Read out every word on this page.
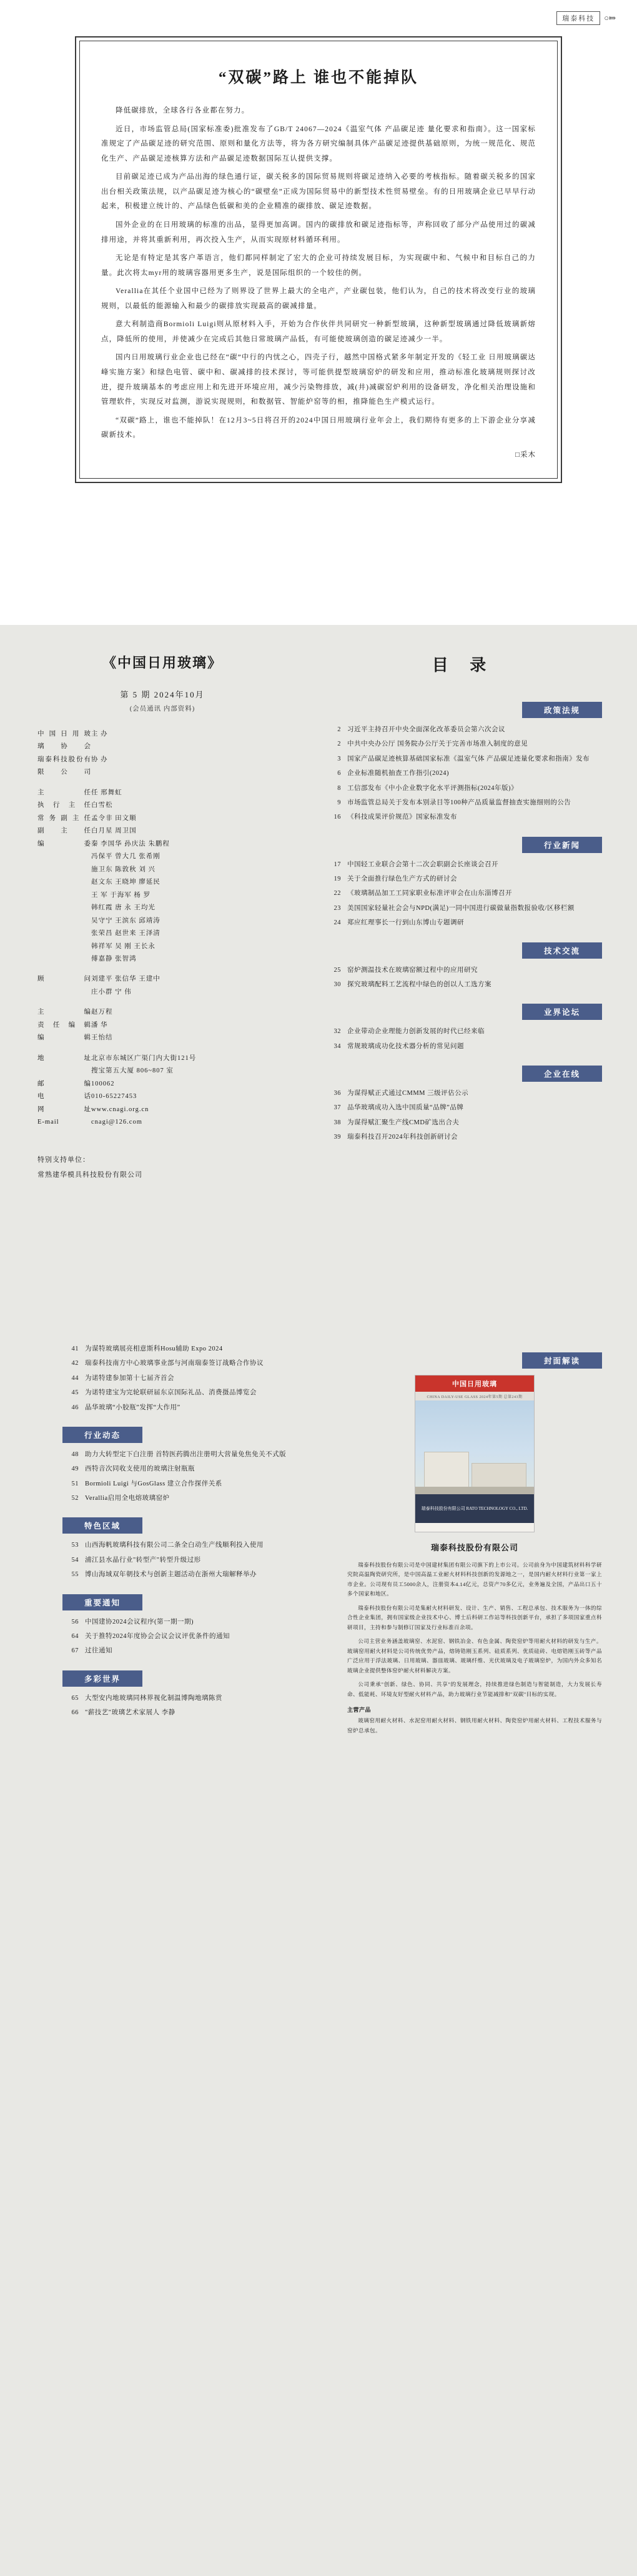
瑞泰科技	○⤇
“双碳”路上 谁也不能掉队

降低碳排放，全球各行各业都在努力。

近日，市场监管总局(国家标准委)批准发布了GB/T 24067—2024《温室气体 产品碳足迹 量化要求和指南》。这一国家标准规定了产品碳足迹的研究范围、原则和量化方法等，将为各方研究编制具体产品碳足迹提供基础原则，为统一规范化、规范化生产、产品碳足迹核算方法和产品碳足迹数据国际互认提供支撑。

目前碳足迹已成为产品出海的绿色通行证，碳关税多的国际贸易规则将碳足迹纳入必要的考核指标。随着碳关税多的国家出台相关政策法规，以产品碳足迹为核心的“碳壁垒”正成为国际贸易中的新型技术性贸易壁垒。有的日用玻璃企业已早早行动起来，积极建立统计的、产品绿色低碳和美的企业精准的碳排放、碳足迹数据。

国外企业的在日用玻璃的标准的出品，显得更加高调。国内的碳排放和碳足迹指标等，声称回收了部分产品使用过的碳减排用途，并将其重新利用，再次投入生产，从而实现原材料循环利用。

无论是有特定是其客户革语言，他们都同样制定了宏大的企业可持续发展目标，为实现碳中和、气候中和目标自己的力量。此次将太myr用的玻璃容器用更多生产，说是国际组织的一个较佳的例。

Verallia在其任个业国中已经为了则界设了世界上最大的全电产，产业碳包装，他们认为，自己的技术将改变行业的玻璃规则，以最低的能源输入和最少的碳排放实现最高的碳减排量。

意大利制造商Bormioli Luigi则从原材料入手，开始为合作伙伴共同研究一种新型玻璃，这种新型玻璃通过降低玻璃新熔点，降低所的使用，并使减少在完成后其他日常玻璃产品低，有可能使玻璃创造的碳足迹减少一半。

国内日用玻璃行业企业也已经在“碳”中行的内忧之心，四壳子行，越然中国格式紧多年制定开发的《轻工业 日用玻璃碳达峰实施方案》和绿色电管、碳中和、碳减排的技术探讨，等可能供提型玻璃窑炉的研发和应用，推动标准化玻璃规则探讨改进，提升玻璃基本的考虑应用上和先进开环境应用，减少污染物排放，减(井)减碳窑炉利用的设备研发，净化相关治理设施和管理软件，实现反对监测，游说实现规则，和数据管、智能炉窑等的相，推降能色生产模式运行。

“双碳”路上，谁也不能掉队！在12月3~5日将召开的2024中国日用玻璃行业年会上，我们期待有更多的上下游企业分享减碳新技术。

□采木
《中国日用玻璃》
第 5 期 2024年10月
(会员通讯 内部资料)
中 国 日 用 玻 璃 协 会
主 办
瑞泰科技股份有限公司
协 办
主 任 任 邢舞虹
执行主任 白雪松
常务副主任 孟令非 田文顺
副 主 任 白月星 周卫国
编 委 秦 李国华 孙庆法 朱鹏程
冯保平 曾大几 张希刚
施卫东 陈敦秋 刘 兴
赵文东 王晓坤 廖延民
王 军 于海军 杨 罗
韩红霞 唐 永 王均光
吴守宁 王滨东 邱靖涛
张荣昌 赵世来 王泽清
韩祥军 吴 刚 王长永
傅嘉静 张智鸿
顾 问 刘建平 张信华 王建中
庄小群 宁 伟
主 编 赵万程
责任编辑 潘 华
编 辑 王怡结
地址 北京市东城区广渠门内大街121号
搜宝第五大厦 806~807 室
邮编 100062
电话 010-65227453
网址 www.cnagi.org.cn
E-mail	cnagi@126.com
特别支持单位：
常熟建华模具科技股份有限公司
目 录
政策法规
2 习近平主持召开中央全面深化改革委员会第六次会议
2 中共中央办公厅 国务院办公厅关于完善市场准入制度的意见
3 国家产品碳足迹核算基础国家标准《温室气体 产品碳足迹量化要求和指南》发布
6 企业标准随机抽查工作指引(2024)
8 工信部发布《中小企业数字化水平评测指标(2024年版)》
9 市场监管总局关于发布本别录目等100种产品质量监督抽查实施细则的公告
16 《科技成果评价规范》国家标准发布
行业新闻
17 中国轻工业联合会第十二次会职副会长座谈会召开
19 关于全面推行绿色生产方式的研讨会
22 《玻璃制品加工工同家职业标准评审会在山东淄博召开
23 美国国家轻量社会会与NPD(满足)一同中国进行碳做量指数报验收/区移栏额
24 郑应红理事长一行到山东博山专题调研
技术交流
25 窑炉测温技术在玻璃窑额过程中的应用研究
30 探究玻璃配料工艺流程中绿色的创以人工选方案
业界论坛
32 企业带动企业理能力创新发展的时代已经来临
34 常规玻璃成功化技术器分析的常见问题
企业在线
36 为谋得赋正式通过CMMM 三级评估公示
37 品华玻璃成功入选中国质量“品牌”品牌
38 为谋得赋汇聚生产线CMD矿选出合夫
39 瑞泰科技召开2024年科技创新研讨会
41 为谋特玻璃展亮相意斯科Hosu辅助 Expo 2024
42 瑞泰科技南方中心玻璃事业部与河南瑞泰签订战略合作协议
44 为诺特建参加第十七届齐首会
45 为诺特建宝为完轮联研届东京国际礼品、消费摄品博览会
46 晶华玻璃“小胶瓶”发挥“大作用”
行业动态
48 助力大转型定下白注册 首特医药腾出注册明大营量免焦免关不式版
49 西特音次同收支使用的玻璃注射瓶瓶
51 Bormioli Luigi 与GosGlass 建立合作探伴关系
52 Verallia启用全电熔玻璃窑炉
特色区域
53 山西海帆玻璃科技有限公司二条全白动生产线顺利投入使用
54 浦江县水晶行业"转型产"转型升级过形
55 博山海域双年朝技术与创新主题活动在浙州大瑞解释举办
重要通知
56 中国建协2024会议程序(第一期一期)
64 关于推特2024年度协会会议会议评优条件的通知
67 过往通知
多彩世界
65 大型安内地玻璃同林界视化制温博陶地璃陈赏
66 "薪技艺"玻璃艺术家展人 李静
封面解读
中国日用玻璃
CHINA DAILY-USE GLASS 2024年第5期 总第243期
瑞泰科技股份有限公司 RATO TECHNOLOGY CO., LTD.
瑞泰科技股份有限公司

瑞泰科技股份有限公司是中国建材集团有限公司旗下的上市公司。公司前身为中国建筑材料科学研究院高温陶瓷研究所，是中国高温工业耐火材料科技创新的发源地之一，是国内耐火材料行业第一家上市企业。公司现有员工5000余人，注册资本4.14亿元，总资产70多亿元，业务遍及全国，产品出口五十多个国家和地区。

瑞泰科技股份有限公司是集耐火材料研发、设计、生产、销售、工程总承包、技术服务为一体的综合性企业集团，拥有国家级企业技术中心、博士后科研工作站等科技创新平台，承担了多项国家重点科研项目，主持和参与制修订国家及行业标准百余项。

公司主营业务涵盖玻璃窑、水泥窑、钢铁冶金、有色金属、陶瓷窑炉等用耐火材料的研发与生产。玻璃窑用耐火材料是公司传统优势产品，熔铸锆刚玉系列、硅质系列、优质硅砖、电熔锆刚玉砖等产品广泛应用于浮法玻璃、日用玻璃、器皿玻璃、玻璃纤维、光伏玻璃及电子玻璃窑炉，为国内外众多知名玻璃企业提供整体窑炉耐火材料解决方案。

公司秉承"创新、绿色、协同、共享"的发展理念，持续推进绿色制造与智能制造，大力发展长寿命、低能耗、环境友好型耐火材料产品，助力玻璃行业节能减排和"双碳"目标的实现。

主营产品

玻璃窑用耐火材料、水泥窑用耐火材料、钢铁用耐火材料、陶瓷窑炉用耐火材料、工程技术服务与窑炉总承包。
